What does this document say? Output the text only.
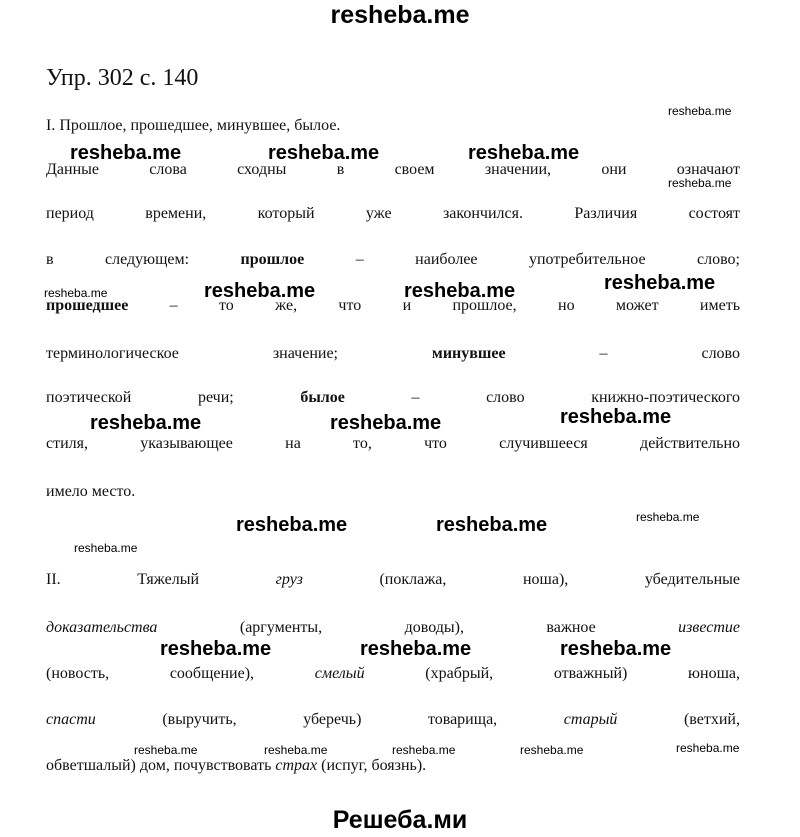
resheba.me
Упр. 302 с. 140
I. Прошлое, прошедшее, минувшее, былое.
Данные слова сходны в своем значении, они означают
период времени, который уже закончился. Различия состоят
в следующем: прошлое – наиболее употребительное слово;
прошедшее – то же, что и прошлое, но может иметь
терминологическое значение; минувшее – слово
поэтической речи; былое – слово книжно-поэтического
стиля, указывающее на то, что случившееся действительно
имело место.
II. Тяжелый груз (поклажа, ноша), убедительные
доказательства (аргументы, доводы), важное известие
(новость, сообщение), смелый (храбрый, отважный) юноша,
спасти (выручить, уберечь) товарища, старый (ветхий,
обветшалый) дом, почувствовать страх (испуг, боязнь).
resheba.me
resheba.me	resheba.me	resheba.me
resheba.me
resheba.me
resheba.me	resheba.me	resheba.me
resheba.me
resheba.me	resheba.me
resheba.me	resheba.me	resheba.me
resheba.me
resheba.me	resheba.me	resheba.me
resheba.me	resheba.me	resheba.me	resheba.me	resheba.me
Решеба.ми
